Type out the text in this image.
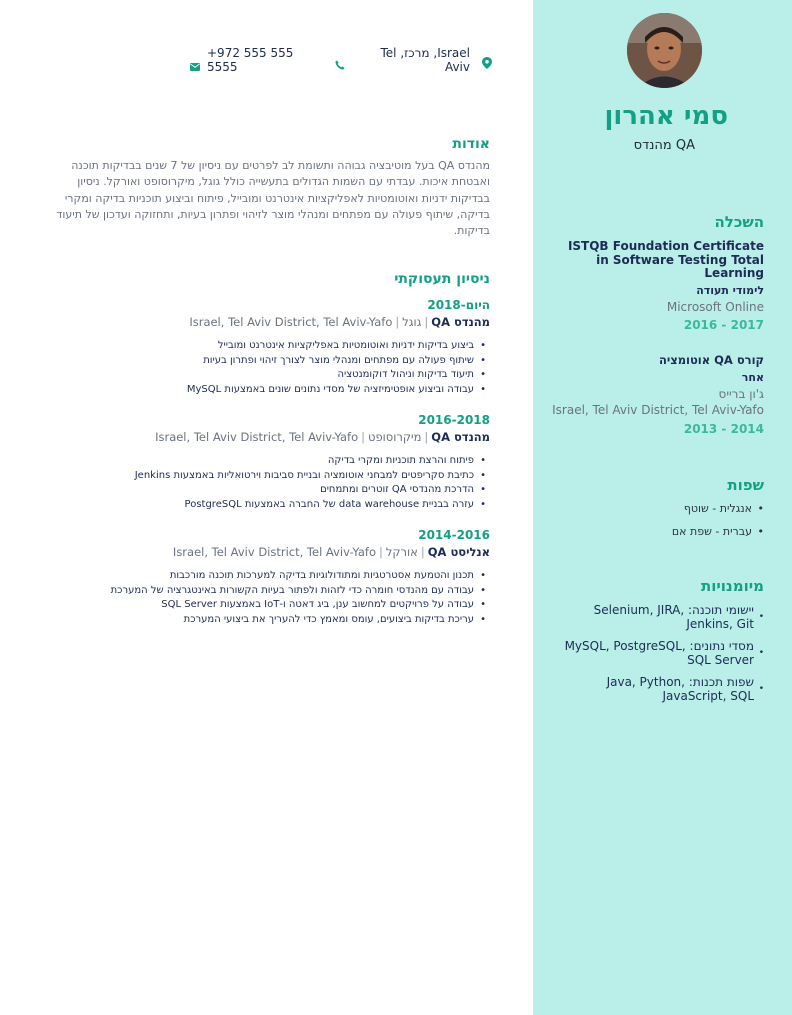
סמי אהרון
QA מהנדס
השכלה
ISTQB Foundation Certificate in Software Testing Total Learning
לימודי תעודה
Microsoft Online
2016 - 2017
קורס QA אוטומציה
אחר
ג'ון ברייס
Israel, Tel Aviv District, Tel Aviv-Yafo
2013 - 2014
שפות
• אנגלית - שוטף
• עברית - שפת אם
מיומנויות
• יישומי תוכנה: Selenium, JIRA, Jenkins, Git
• מסדי נתונים: MySQL, PostgreSQL, SQL Server
• שפות תכנות: Java, Python, JavaScript, SQL
Israel, מרכז, Tel Aviv
+972 555 555 5555
אודות
מהנדס QA בעל מוטיבציה גבוהה ותשומת לב לפרטים עם ניסיון של 7 שנים בבדיקות תוכנה ואבטחת איכות. עבדתי עם השמות הגדולים בתעשייה כולל גוגל, מיקרוסופט ואורקל. ניסיון בבדיקות ידניות ואוטומטיות לאפליקציות אינטרנט ומובייל, פיתוח וביצוע תוכניות בדיקה ומקרי בדיקה, שיתוף פעולה עם מפתחים ומנהלי מוצר לזיהוי ופתרון בעיות, ותחזוקה ועדכון של תיעוד בדיקות.
ניסיון תעסוקתי
2018-היום
מהנדס QA|גוגל|Israel, Tel Aviv District, Tel Aviv-Yafo
• ביצוע בדיקות ידניות ואוטומטיות באפליקציות אינטרנט ומובייל
• שיתוף פעולה עם מפתחים ומנהלי מוצר לצורך זיהוי ופתרון בעיות
• תיעוד בדיקות וניהול דוקומנטציה
• עבודה וביצוע אופטימיזציה של מסדי נתונים שונים באמצעות MySQL
2016-2018
מהנדס QA|מיקרוסופט|Israel, Tel Aviv District, Tel Aviv-Yafo
• פיתוח והרצת תוכניות ומקרי בדיקה
• כתיבת סקריפטים למבחני אוטומציה ובניית סביבות וירטואליות באמצעות Jenkins
• הדרכת מהנדסי QA זוטרים ומתמחים
• עזרה בבניית data warehouse של החברה באמצעות PostgreSQL
2014-2016
אנליסט QA|אורקל|Israel, Tel Aviv District, Tel Aviv-Yafo
• תכנון והטמעת אסטרטגיות ומתודולוגיות בדיקה למערכות תוכנה מורכבות
• עבודה עם מהנדסי חומרה כדי לזהות ולפתור בעיות הקשורות באינטגרציה של המערכת
• עבודה על פרויקטים למחשוב ענן, ביג דאטה ו-IoT באמצעות SQL Server
• עריכת בדיקות ביצועים, עומס ומאמץ כדי להעריך את ביצועי המערכת
